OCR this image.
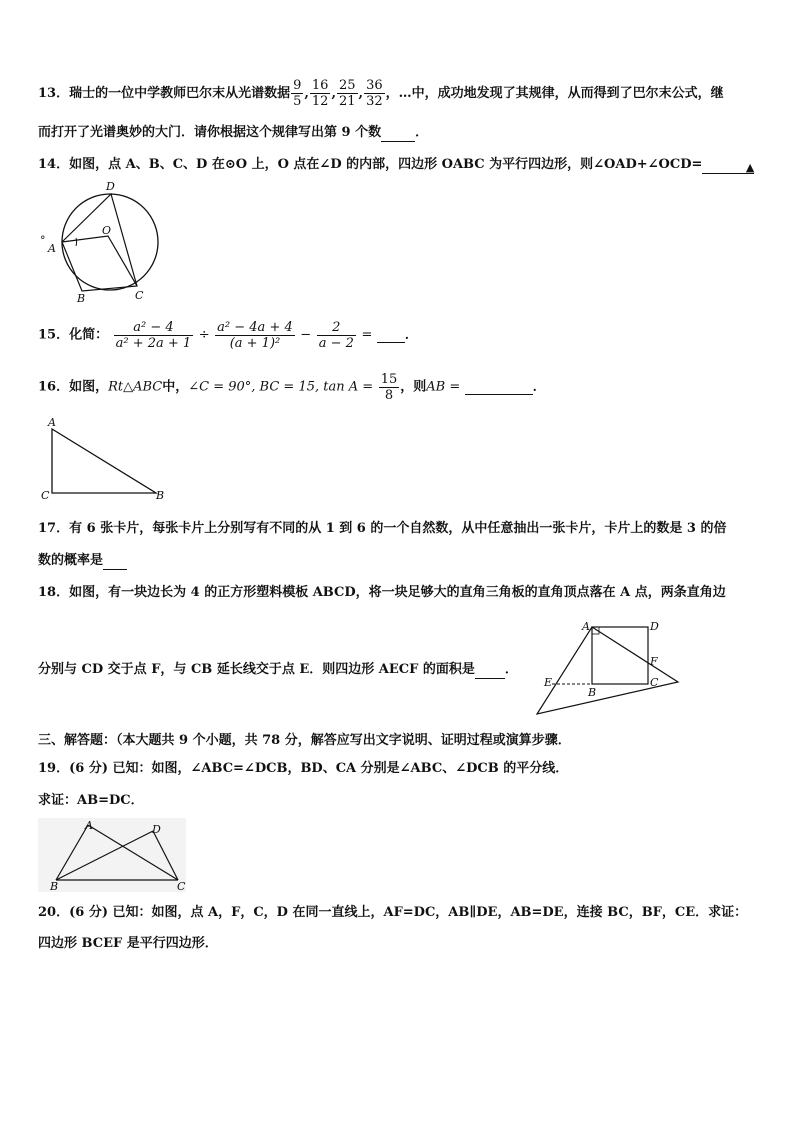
13．瑞士的一位中学教师巴尔末从光谱数据 $\frac{9}{5}$ , $\frac{16}{12}$ , $\frac{25}{21}$ , $\frac{36}{32}$ ，…中，成功地发现了其规律，从而得到了巴尔末公式，继
而打开了光谱奥妙的大门．请你根据这个规律写出第 9 个数	．
14．如图，点 A、B、C、D 在⊙O 上，O 点在∠D 的内部，四边形 OABC 为平行四边形，则∠OAD+∠OCD=	▲
°
A
D
O
B	C
15．化简： $\frac{\text{a² − 4}}{\text{a² + 2a + 1}} \div \frac{\text{a² − 4a + 4}}{\text{(a + 1)²}} - \frac{2}{a - 2}$ =	．
16．如图，Rt△ABC中，∠C = 90°, BC = 15, $\tan A = \frac{15}{8}$ ，则AB =	．
A
C	B
17．有 6 张卡片，每张卡片上分别写有不同的从 1 到 6 的一个自然数，从中任意抽出一张卡片，卡片上的数是 3 的倍
数的概率是
18．如图，有一块边长为 4 的正方形塑料模板 ABCD，将一块足够大的直角三角板的直角顶点落在 A 点，两条直角边
分别与 CD 交于点 F，与 CB 延长线交于点 E．则四边形 AECF 的面积是 ．
A	D
F
C
B
E
三、解答题：（本大题共 9 个小题，共 78 分，解答应写出文字说明、证明过程或演算步骤．
19．(6 分) 已知：如图，∠ABC=∠DCB，BD、CA 分别是∠ABC、∠DCB 的平分线．
求证：AB=DC．
A	D
B	C
20．(6 分) 已知：如图，点 A，F，C，D 在同一直线上，AF=DC，AB∥DE，AB=DE，连接 BC，BF，CE．求证：
四边形 BCEF 是平行四边形．
